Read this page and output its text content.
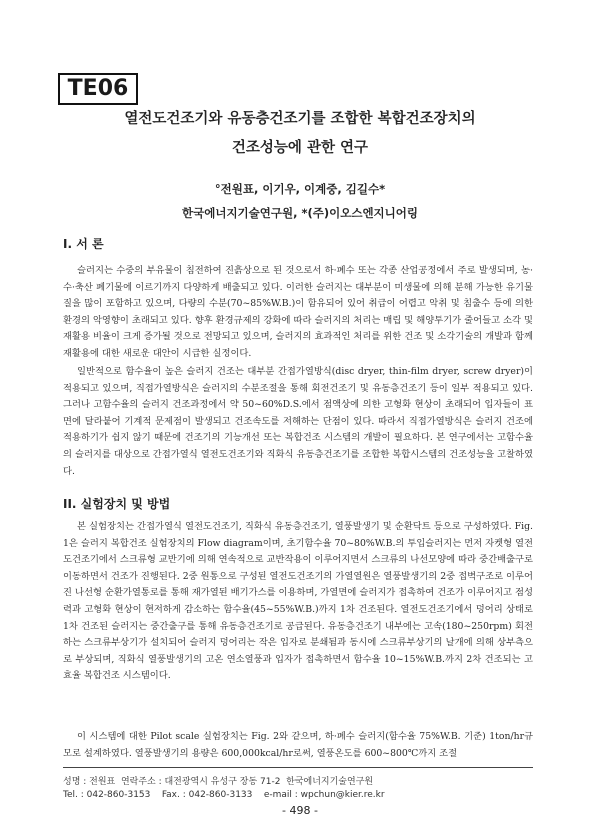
TE06
열전도건조기와 유동층건조기를 조합한 복합건조장치의
건조성능에 관한 연구
°전원표, 이기우, 이계중, 김길수*
한국에너지기술연구원, *(주)이오스엔지니어링
I. 서 론

슬러지는 수중의 부유물이 침전하여 진흙상으로 된 것으로서 하·폐수 또는 각종 산업공정에서 주로 발생되며, 농·수·축산 폐기물에 이르기까지 다양하게 배출되고 있다. 이러한 슬러지는 대부분이 미생물에 의해 분해 가능한 유기물질을 많이 포함하고 있으며, 다량의 수분(70~85%W.B.)이 함유되어 있어 취급이 어렵고 악취 및 침출수 등에 의한 환경의 악영향이 초래되고 있다. 향후 환경규제의 강화에 따라 슬러지의 처리는 매립 및 해양투기가 줄어들고 소각 및 재활용 비율이 크게 증가될 것으로 전망되고 있으며, 슬러지의 효과적인 처리를 위한 건조 및 소각기술의 개발과 함께 재활용에 대한 새로운 대안이 시급한 실정이다.

일반적으로 함수율이 높은 슬러지 건조는 대부분 간접가열방식(disc dryer, thin-film dryer, screw dryer)이 적용되고 있으며, 직접가열방식은 슬러지의 수분조절을 통해 회전건조기 및 유동층건조기 등이 일부 적용되고 있다. 그러나 고함수율의 슬러지 건조과정에서 약 50~60%D.S.에서 점액상에 의한 고형화 현상이 초래되어 입자들이 표면에 달라붙어 기계적 문제점이 발생되고 건조속도를 저해하는 단점이 있다. 따라서 직접가열방식은 슬러지 건조에 적용하기가 쉽지 않기 때문에 건조기의 기능개선 또는 복합건조 시스템의 개발이 필요하다. 본 연구에서는 고함수율의 슬러지를 대상으로 간접가열식 열전도건조기와 직화식 유동층건조기를 조합한 복합시스템의 건조성능을 고찰하였다.

II. 실험장치 및 방법

본 실험장치는 간접가열식 열전도건조기, 직화식 유동층건조기, 열풍발생기 및 순환닥트 등으로 구성하였다. Fig. 1은 슬러지 복합건조 실험장치의 Flow diagram이며, 초기함수율 70~80%W.B.의 투입슬러지는 먼저 자켓형 열전도건조기에서 스크류형 교반기에 의해 연속적으로 교반작용이 이루어지면서 스크류의 나선모양에 따라 중간배출구로 이동하면서 건조가 진행된다. 2중 원통으로 구성된 열전도건조기의 가열열원은 열풍발생기의 2중 접벽구조로 이루어진 나선형 순환가열통로를 통해 재가열된 배기가스를 이용하며, 가열면에 슬러지가 접촉하여 건조가 이루어지고 점성력과 고형화 현상이 현저하게 감소하는 함수율(45~55%W.B.)까지 1차 건조된다. 열전도건조기에서 덩어리 상태로 1차 건조된 슬러지는 중간출구를 통해 유동층건조기로 공급된다. 유동층건조기 내부에는 고속(180~250rpm) 회전하는 스크류부상기가 설치되어 슬러지 덩어리는 작은 입자로 분쇄됨과 동시에 스크류부상기의 날개에 의해 상부측으로 부상되며, 직화식 열풍발생기의 고온 연소열풍과 입자가 접촉하면서 함수율 10~15%W.B.까지 2차 건조되는 고효율 복합건조 시스템이다.

이 시스템에 대한 Pilot scale 실험장치는 Fig. 2와 같으며, 하·폐수 슬러지(함수율 75%W.B. 기준) 1ton/hr규모로 설계하였다. 열풍발생기의 용량은 600,000kcal/hr로써, 열풍온도를 600~800℃까지 조절

성명 : 전원표  연락주소 : 대전광역시 유성구 장동 71-2  한국에너지기술연구원
Tel. : 042-860-3153    Fax. : 042-860-3133    e-mail : wpchun@kier.re.kr
- 498 -
